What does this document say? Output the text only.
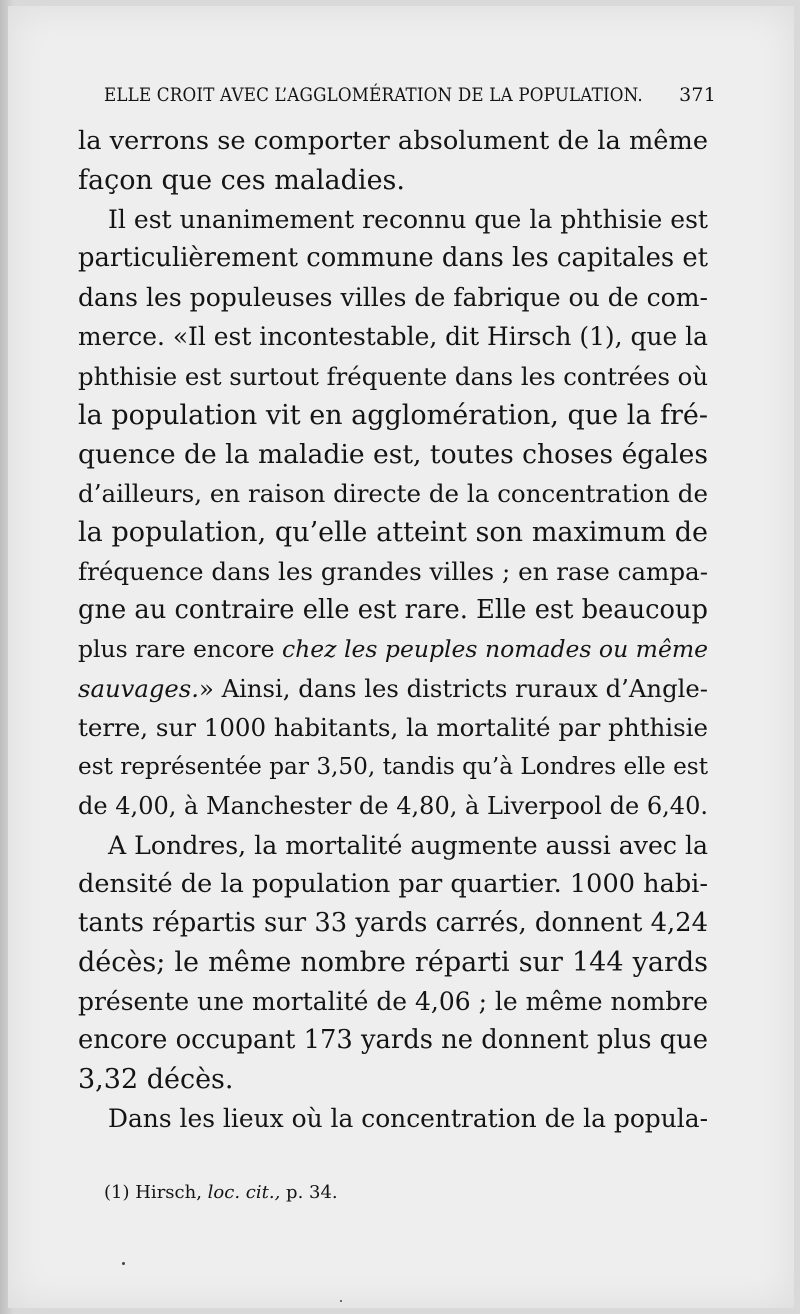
ELLE CROIT AVEC L’AGGLOMÉRATION DE LA POPULATION. 371
la verrons se comporter absolument de la même
façon que ces maladies.
Il est unanimement reconnu que la phthisie est
particulièrement commune dans les capitales et
dans les populeuses villes de fabrique ou de com-
merce. «Il est incontestable, dit Hirsch (1), que la
phthisie est surtout fréquente dans les contrées où
la population vit en agglomération, que la fré-
quence de la maladie est, toutes choses égales
d’ailleurs, en raison directe de la concentration de
la population, qu’elle atteint son maximum de
fréquence dans les grandes villes ; en rase campa-
gne au contraire elle est rare. Elle est beaucoup
plus rare encore chez les peuples nomades ou même
sauvages.» Ainsi, dans les districts ruraux d’Angle-
terre, sur 1000 habitants, la mortalité par phthisie
est représentée par 3,50, tandis qu’à Londres elle est
de 4,00, à Manchester de 4,80, à Liverpool de 6,40.
A Londres, la mortalité augmente aussi avec la
densité de la population par quartier. 1000 habi-
tants répartis sur 33 yards carrés, donnent 4,24
décès; le même nombre réparti sur 144 yards
présente une mortalité de 4,06 ; le même nombre
encore occupant 173 yards ne donnent plus que
3,32 décès.
Dans les lieux où la concentration de la popula-
(1) Hirsch, loc. cit., p. 34.
